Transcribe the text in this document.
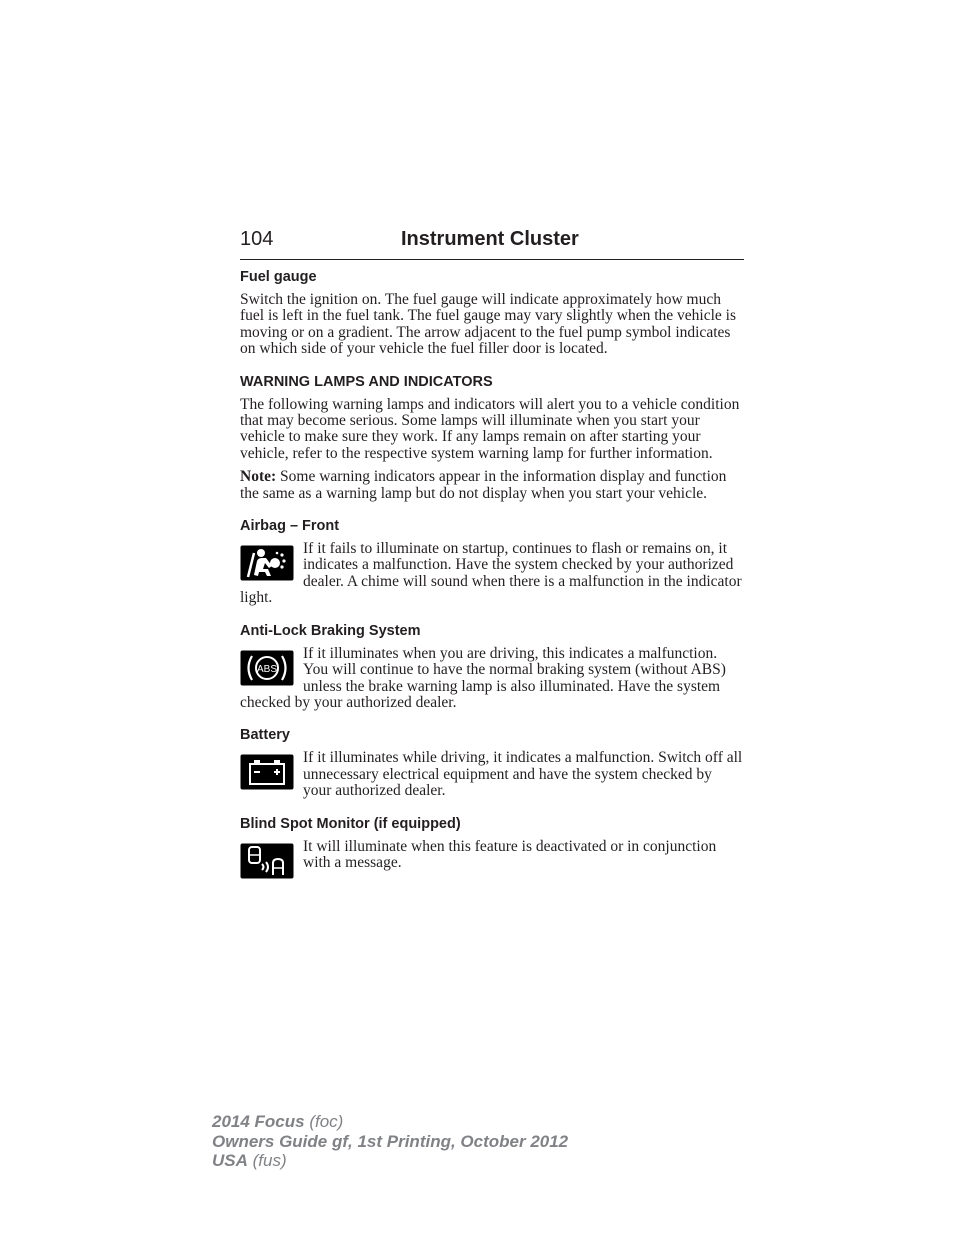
104	Instrument Cluster
Fuel gauge
Switch the ignition on. The fuel gauge will indicate approximately how much fuel is left in the fuel tank. The fuel gauge may vary slightly when the vehicle is moving or on a gradient. The arrow adjacent to the fuel pump symbol indicates on which side of your vehicle the fuel filler door is located.
WARNING LAMPS AND INDICATORS
The following warning lamps and indicators will alert you to a vehicle condition that may become serious. Some lamps will illuminate when you start your vehicle to make sure they work. If any lamps remain on after starting your vehicle, refer to the respective system warning lamp for further information.
Note: Some warning indicators appear in the information display and function the same as a warning lamp but do not display when you start your vehicle.
Airbag – Front
If it fails to illuminate on startup, continues to flash or remains on, it indicates a malfunction. Have the system checked by your authorized dealer. A chime will sound when there is a malfunction in the indicator light.
Anti-Lock Braking System
ABS
If it illuminates when you are driving, this indicates a malfunction. You will continue to have the normal braking system (without ABS) unless the brake warning lamp is also illuminated. Have the system checked by your authorized dealer.
Battery
If it illuminates while driving, it indicates a malfunction. Switch off all unnecessary electrical equipment and have the system checked by your authorized dealer.
Blind Spot Monitor (if equipped)
It will illuminate when this feature is deactivated or in conjunction with a message.
2014 Focus (foc)
Owners Guide gf, 1st Printing, October 2012
USA (fus)
